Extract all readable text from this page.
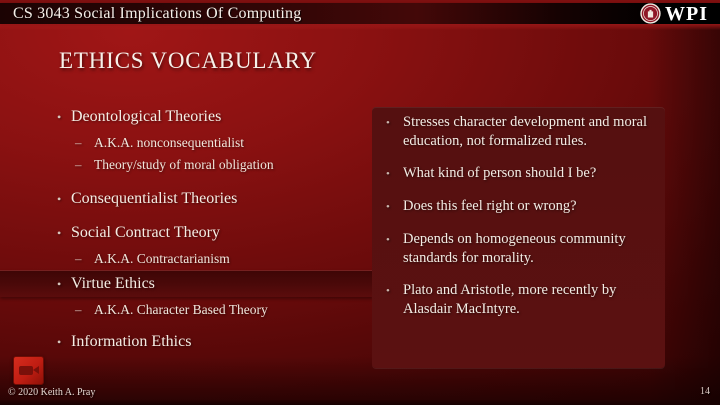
CS 3043 Social Implications Of Computing	WPI
ETHICS VOCABULARY
• Deontological Theories
– A.K.A. nonconsequentialist
– Theory/study of moral obligation
• Consequentialist Theories
• Social Contract Theory
– A.K.A. Contractarianism
• Virtue Ethics
– A.K.A. Character Based Theory
• Information Ethics
• Stresses character development and moral education, not formalized rules.
• What kind of person should I be?
• Does this feel right or wrong?
• Depends on homogeneous community standards for morality.
• Plato and Aristotle, more recently by Alasdair MacIntyre.
© 2020 Keith A. Pray	14
